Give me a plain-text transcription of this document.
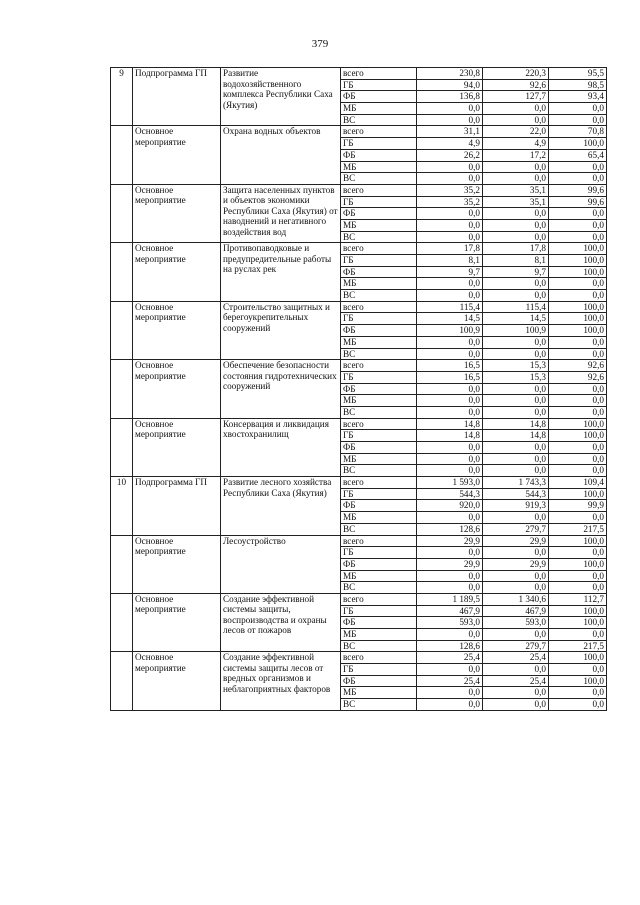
379
9	Подпрограмма ГП	Развитие водохозяйственного комплекса Республики Саха (Якутия)	всего	230,8	220,3	95,5
			ГБ	94,0	92,6	98,5
			ФБ	136,8	127,7	93,4
			МБ	0,0	0,0	0,0
			ВС	0,0	0,0	0,0
	Основное мероприятие	Охрана водных объектов	всего	31,1	22,0	70,8
			ГБ	4,9	4,9	100,0
			ФБ	26,2	17,2	65,4
			МБ	0,0	0,0	0,0
			ВС	0,0	0,0	0,0
	Основное мероприятие	Защита населенных пунктов и объектов экономики Республики Саха (Якутия) от наводнений и негативного воздействия вод	всего	35,2	35,1	99,6
			ГБ	35,2	35,1	99,6
			ФБ	0,0	0,0	0,0
			МБ	0,0	0,0	0,0
			ВС	0,0	0,0	0,0
	Основное мероприятие	Противопаводковые и предупредительные работы на руслах рек	всего	17,8	17,8	100,0
			ГБ	8,1	8,1	100,0
			ФБ	9,7	9,7	100,0
			МБ	0,0	0,0	0,0
			ВС	0,0	0,0	0,0
	Основное мероприятие	Строительство защитных и берегоукрепительных сооружений	всего	115,4	115,4	100,0
			ГБ	14,5	14,5	100,0
			ФБ	100,9	100,9	100,0
			МБ	0,0	0,0	0,0
			ВС	0,0	0,0	0,0
	Основное мероприятие	Обеспечение безопасности состояния гидротехнических сооружений	всего	16,5	15,3	92,6
			ГБ	16,5	15,3	92,6
			ФБ	0,0	0,0	0,0
			МБ	0,0	0,0	0,0
			ВС	0,0	0,0	0,0
	Основное мероприятие	Консервация и ликвидация хвостохранилищ	всего	14,8	14,8	100,0
			ГБ	14,8	14,8	100,0
			ФБ	0,0	0,0	0,0
			МБ	0,0	0,0	0,0
			ВС	0,0	0,0	0,0
10	Подпрограмма ГП	Развитие лесного хозяйства Республики Саха (Якутия)	всего	1 593,0	1 743,3	109,4
			ГБ	544,3	544,3	100,0
			ФБ	920,0	919,3	99,9
			МБ	0,0	0,0	0,0
			ВС	128,6	279,7	217,5
	Основное мероприятие	Лесоустройство	всего	29,9	29,9	100,0
			ГБ	0,0	0,0	0,0
			ФБ	29,9	29,9	100,0
			МБ	0,0	0,0	0,0
			ВС	0,0	0,0	0,0
	Основное мероприятие	Создание эффективной системы защиты, воспроизводства и охраны лесов от пожаров	всего	1 189,5	1 340,6	112,7
			ГБ	467,9	467,9	100,0
			ФБ	593,0	593,0	100,0
			МБ	0,0	0,0	0,0
			ВС	128,6	279,7	217,5
	Основное мероприятие	Создание эффективной системы защиты лесов от вредных организмов и неблагоприятных факторов	всего	25,4	25,4	100,0
			ГБ	0,0	0,0	0,0
			ФБ	25,4	25,4	100,0
			МБ	0,0	0,0	0,0
			ВС	0,0	0,0	0,0
